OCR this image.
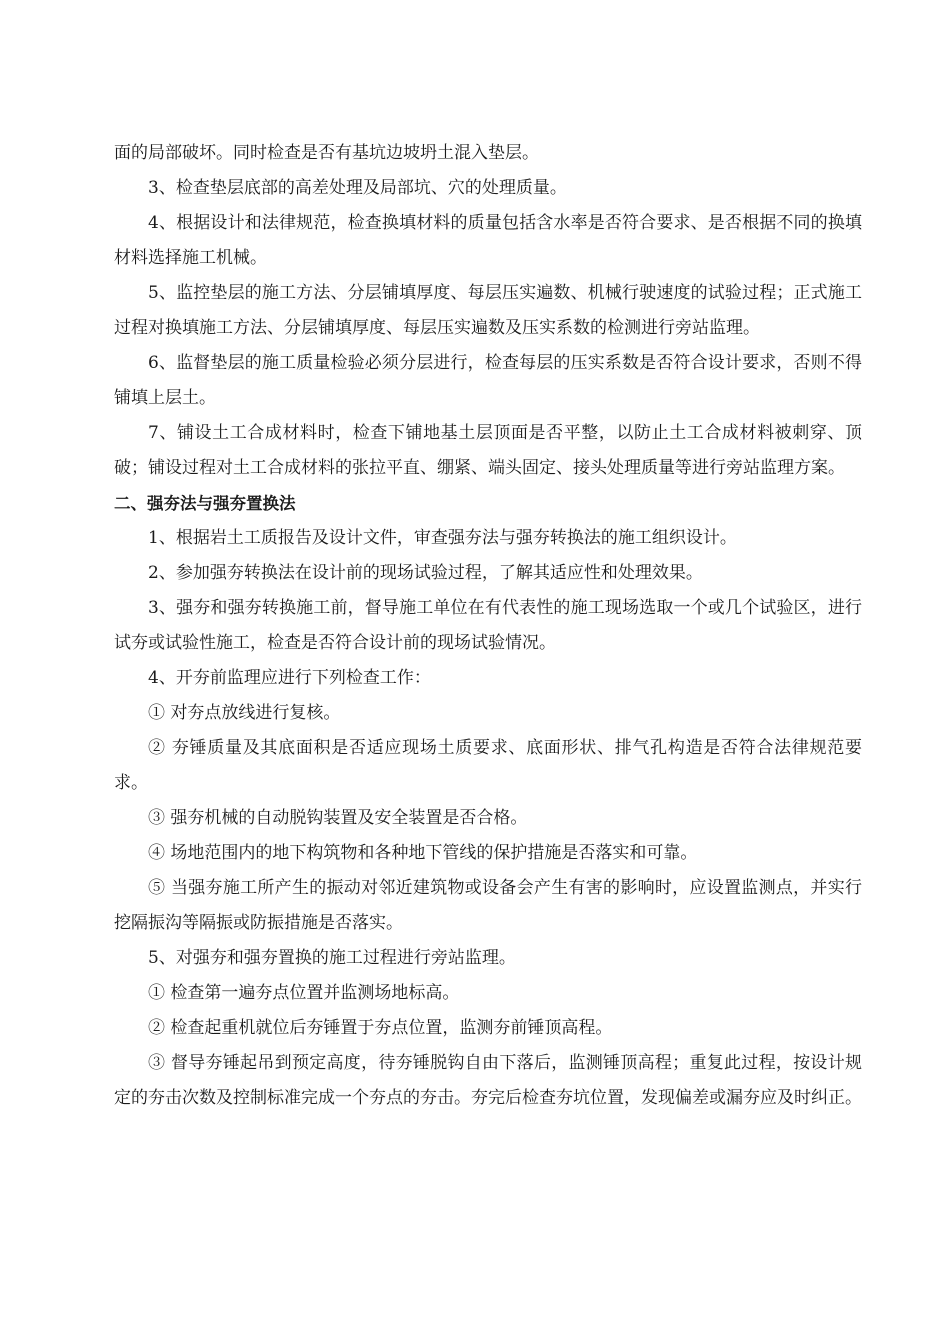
面的局部破坏。同时检查是否有基坑边坡坍土混入垫层。

3、检查垫层底部的高差处理及局部坑、穴的处理质量。

4、根据设计和法律规范，检查换填材料的质量包括含水率是否符合要求、是否根据不同的换填材料选择施工机械。

5、监控垫层的施工方法、分层铺填厚度、每层压实遍数、机械行驶速度的试验过程；正式施工过程对换填施工方法、分层铺填厚度、每层压实遍数及压实系数的检测进行旁站监理。

6、监督垫层的施工质量检验必须分层进行，检查每层的压实系数是否符合设计要求，否则不得铺填上层土。

7、铺设土工合成材料时，检查下铺地基土层顶面是否平整，以防止土工合成材料被刺穿、顶破；铺设过程对土工合成材料的张拉平直、绷紧、端头固定、接头处理质量等进行旁站监理方案。

二、强夯法与强夯置换法

1、根据岩土工质报告及设计文件，审查强夯法与强夯转换法的施工组织设计。

2、参加强夯转换法在设计前的现场试验过程，了解其适应性和处理效果。

3、强夯和强夯转换施工前，督导施工单位在有代表性的施工现场选取一个或几个试验区，进行试夯或试验性施工，检查是否符合设计前的现场试验情况。

4、开夯前监理应进行下列检查工作：

① 对夯点放线进行复核。

② 夯锤质量及其底面积是否适应现场土质要求、底面形状、排气孔构造是否符合法律规范要求。

③ 强夯机械的自动脱钩装置及安全装置是否合格。

④ 场地范围内的地下构筑物和各种地下管线的保护措施是否落实和可靠。

⑤ 当强夯施工所产生的振动对邻近建筑物或设备会产生有害的影响时，应设置监测点，并实行挖隔振沟等隔振或防振措施是否落实。

5、对强夯和强夯置换的施工过程进行旁站监理。

① 检查第一遍夯点位置并监测场地标高。

② 检查起重机就位后夯锤置于夯点位置，监测夯前锤顶高程。

③ 督导夯锤起吊到预定高度，待夯锤脱钩自由下落后，监测锤顶高程；重复此过程，按设计规定的夯击次数及控制标准完成一个夯点的夯击。夯完后检查夯坑位置，发现偏差或漏夯应及时纠正。
